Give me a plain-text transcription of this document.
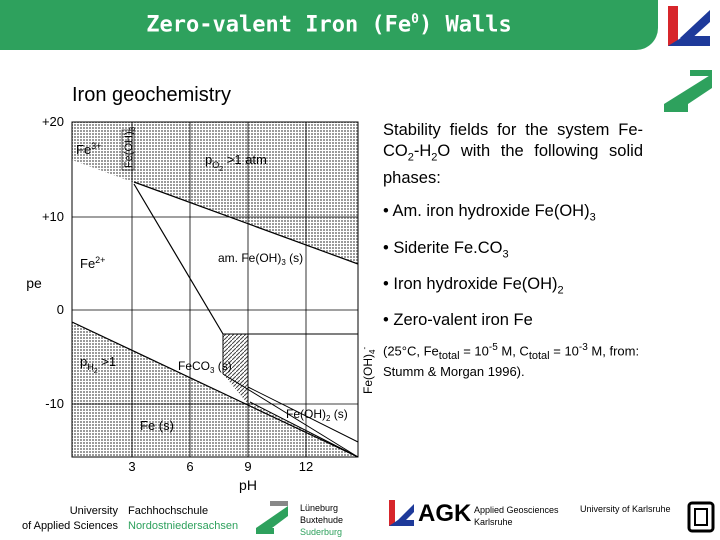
Zero-valent Iron (Fe$^0$) Walls
Iron geochemistry
+20
+10
0
-10
pe
3	6	9	12
pH
$Fe^{3+}$ $Fe(OH)_3$
$p_{O2} >1$ atm
$Fe^{2+}$	am. $Fe(OH)_3$ (s)
$p_{H2} >1$	FeCO$_3$ (s)	$Fe(OH)_4^-$
$Fe(OH)_2$ (s)
Fe (s)
Stability fields for the system $Fe-CO_2-H_2O$ with the following solid phases:
• Am. iron hydroxide $Fe(OH)_3$
• Siderite $Fe.CO_3$
• Iron hydroxide $Fe(OH)_2$
• Zero-valent iron Fe
(25°C, $Fe_{total} = 10^{-5}$ M, $C_{total} = 10^{-3}$ M, from: Stumm & Morgan 1996).
University
of Applied Sciences
Fachhochschule
Nordostniedersachsen
Lüneburg
Buxtehude
Suderburg
AGK Applied Geosciences
Karlsruhe
University of Karlsruhe
